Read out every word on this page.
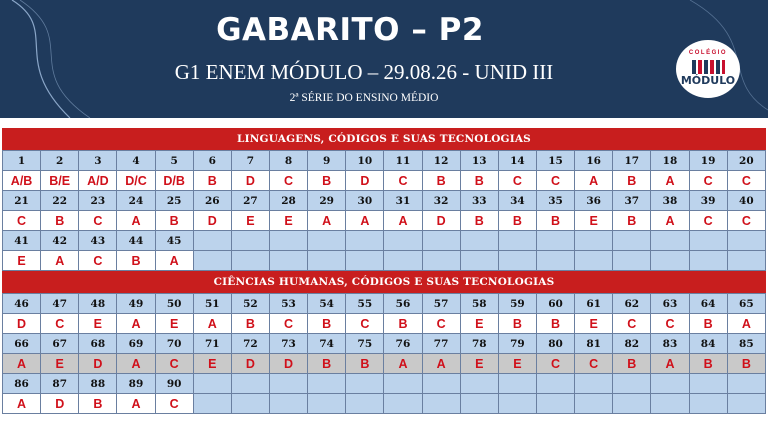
GABARITO – P2
G1 ENEM MÓDULO – 29.08.26 - UNID III
2ª SÉRIE DO ENSINO MÉDIO
COLÉGIO
MÓDULO
LINGUAGENS, CÓDIGOS E SUAS TECNOLOGIAS
1	2	3	4	5	6	7	8	9	10	11	12	13	14	15	16	17	18	19	20
A/B	B/E	A/D	D/C	D/B	B	D	C	B	D	C	B	B	C	C	A	B	A	C	C
21	22	23	24	25	26	27	28	29	30	31	32	33	34	35	36	37	38	39	40
C	B	C	A	B	D	E	E	A	A	A	D	B	B	B	E	B	A	C	C
41	42	43	44	45															
E	A	C	B	A															
CIÊNCIAS HUMANAS, CÓDIGOS E SUAS TECNOLOGIAS
46	47	48	49	50	51	52	53	54	55	56	57	58	59	60	61	62	63	64	65
D	C	E	A	E	A	B	C	B	C	B	C	E	B	B	E	C	C	B	A
66	67	68	69	70	71	72	73	74	75	76	77	78	79	80	81	82	83	84	85
A	E	D	A	C	E	D	D	B	B	A	A	E	E	C	C	B	A	B	B
86	87	88	89	90															
A	D	B	A	C															
